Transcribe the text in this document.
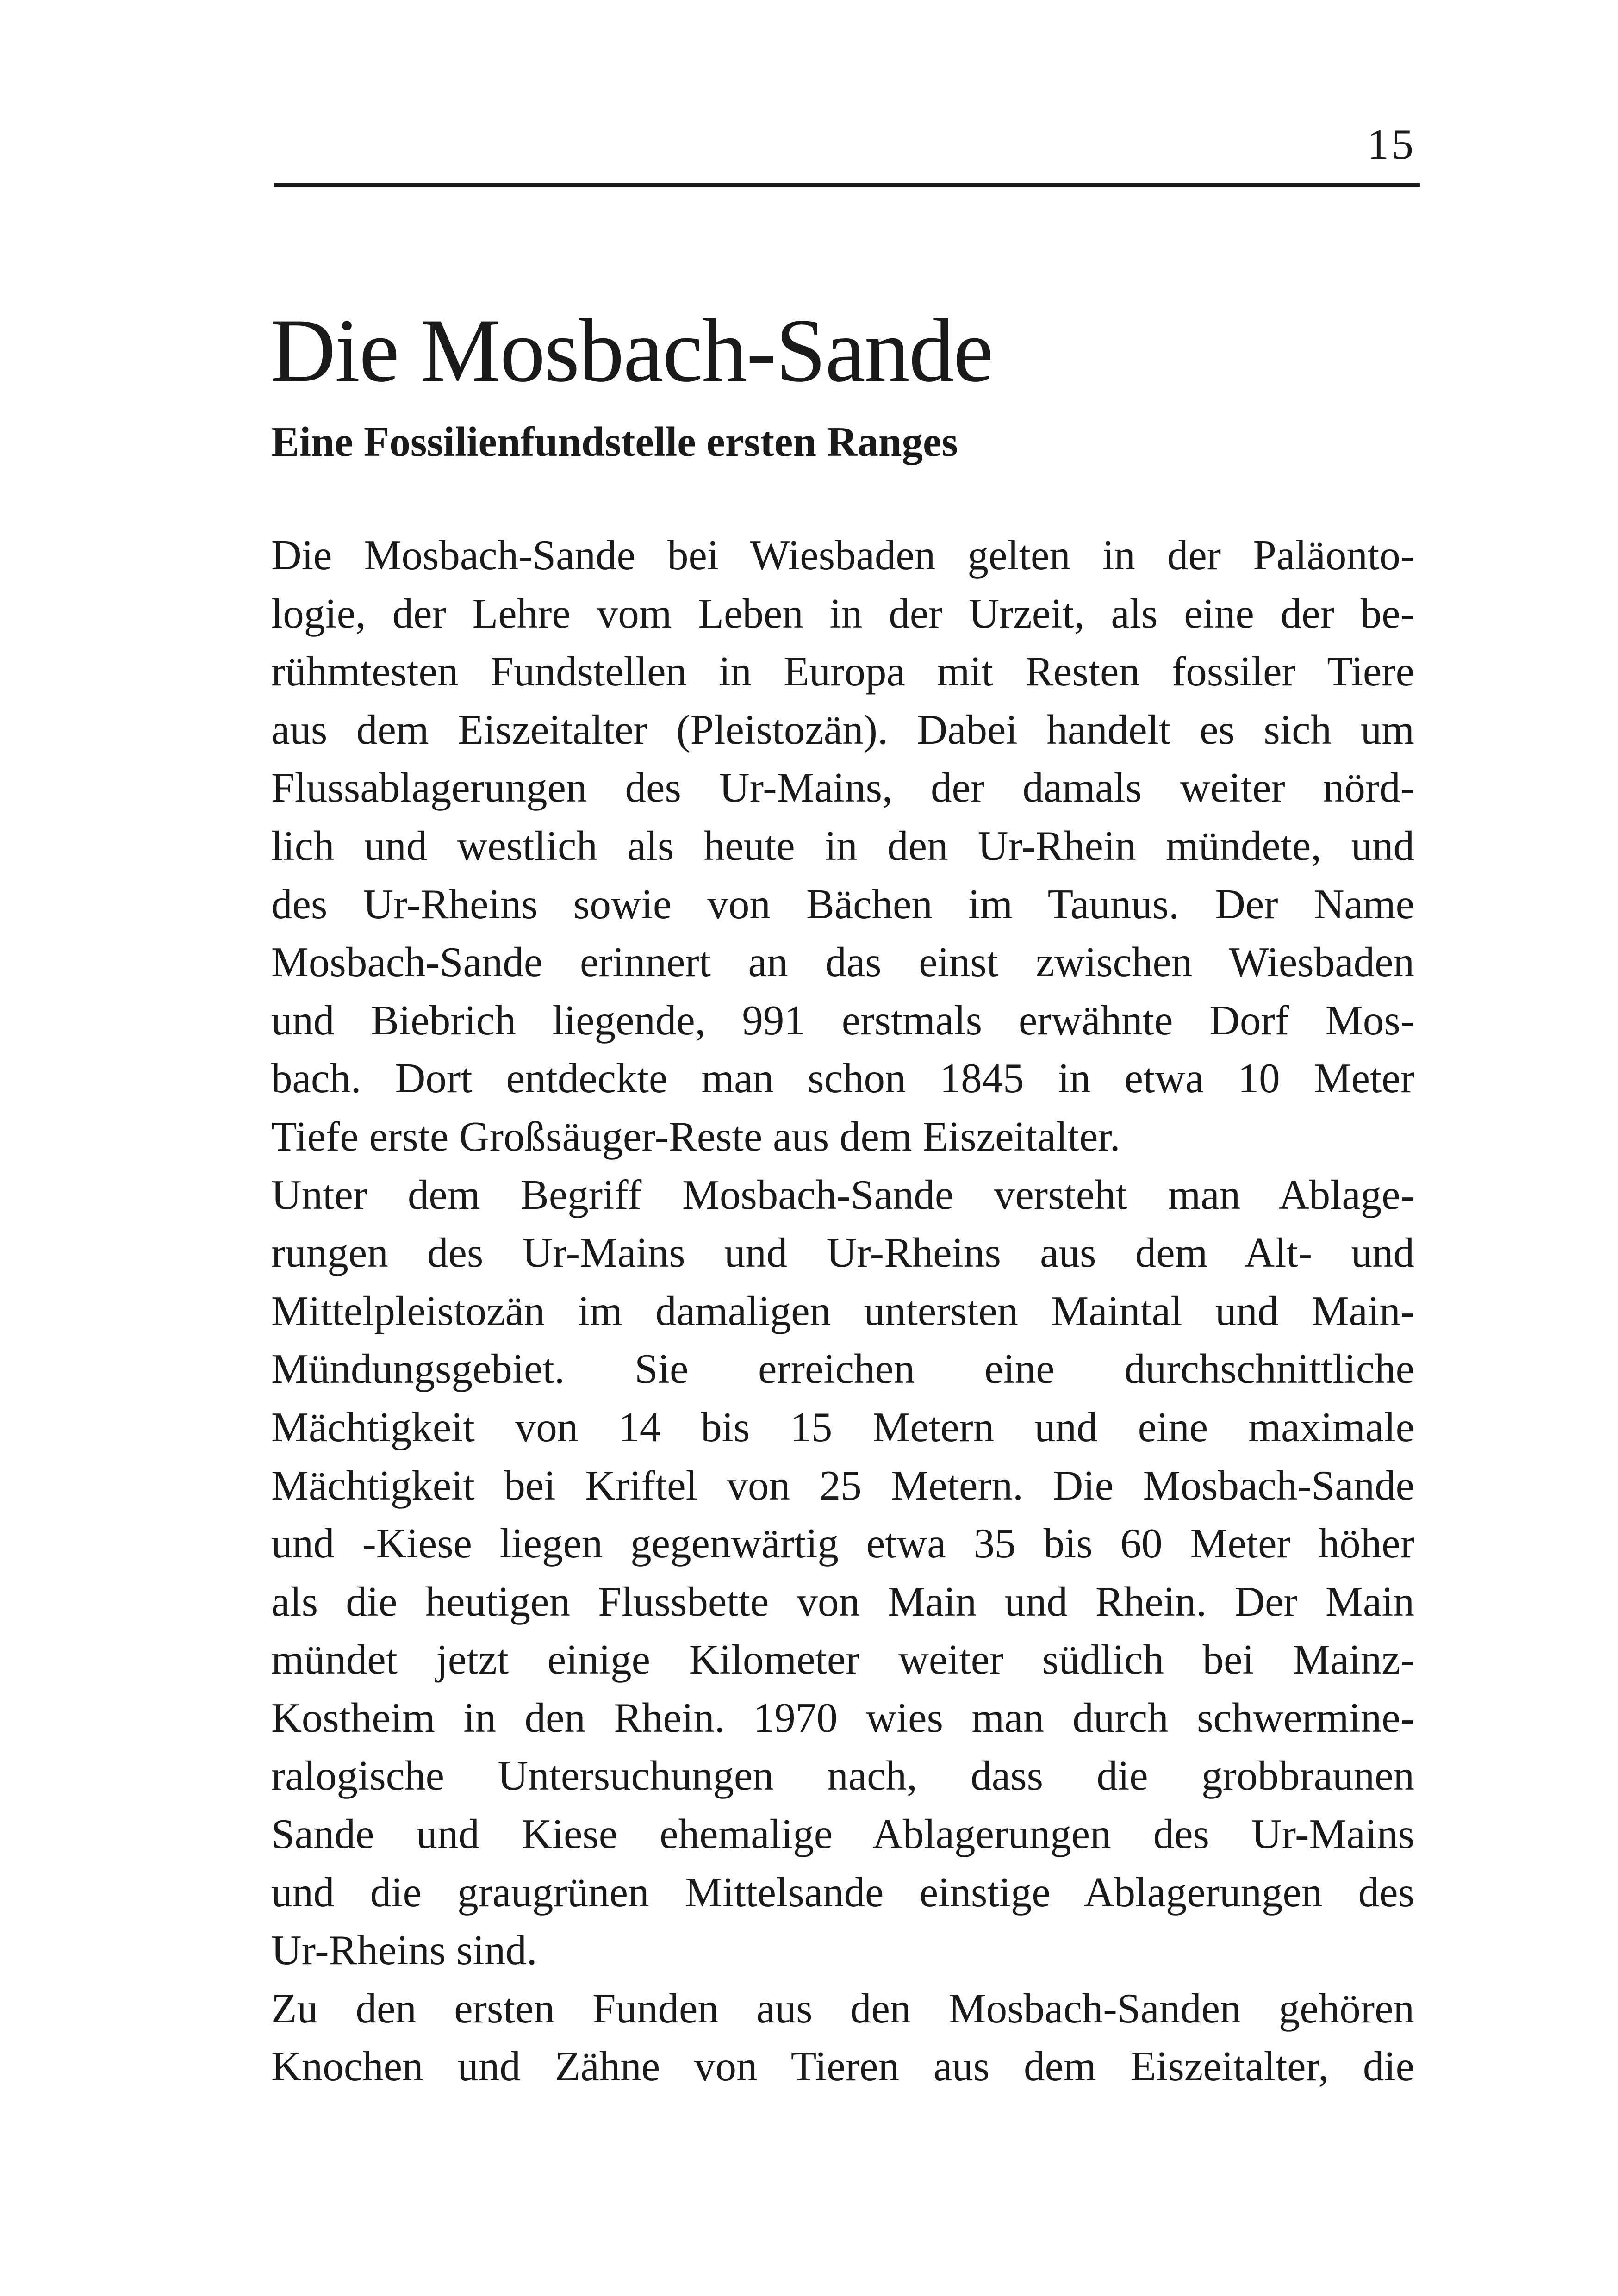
15
Die Mosbach-Sande
Eine Fossilienfundstelle ersten Ranges
Die Mosbach-Sande bei Wiesbaden gelten in der Paläonto-
logie, der Lehre vom Leben in der Urzeit, als eine der be-
rühmtesten Fundstellen in Europa mit Resten fossiler Tiere
aus dem Eiszeitalter (Pleistozän). Dabei handelt es sich um
Flussablagerungen des Ur-Mains, der damals weiter nörd-
lich und westlich als heute in den Ur-Rhein mündete, und
des Ur-Rheins sowie von Bächen im Taunus. Der Name
Mosbach-Sande erinnert an das einst zwischen Wiesbaden
und Biebrich liegende, 991 erstmals erwähnte Dorf Mos-
bach. Dort entdeckte man schon 1845 in etwa 10 Meter
Tiefe erste Großsäuger-Reste aus dem Eiszeitalter.
Unter dem Begriff Mosbach-Sande versteht man Ablage-
rungen des Ur-Mains und Ur-Rheins aus dem Alt- und
Mittelpleistozän im damaligen untersten Maintal und Main-
Mündungsgebiet. Sie erreichen eine durchschnittliche
Mächtigkeit von 14 bis 15 Metern und eine maximale
Mächtigkeit bei Kriftel von 25 Metern. Die Mosbach-Sande
und -Kiese liegen gegenwärtig etwa 35 bis 60 Meter höher
als die heutigen Flussbette von Main und Rhein. Der Main
mündet jetzt einige Kilometer weiter südlich bei Mainz-
Kostheim in den Rhein. 1970 wies man durch schwermine-
ralogische Untersuchungen nach, dass die grobbraunen
Sande und Kiese ehemalige Ablagerungen des Ur-Mains
und die graugrünen Mittelsande einstige Ablagerungen des
Ur-Rheins sind.
Zu den ersten Funden aus den Mosbach-Sanden gehören
Knochen und Zähne von Tieren aus dem Eiszeitalter, die
